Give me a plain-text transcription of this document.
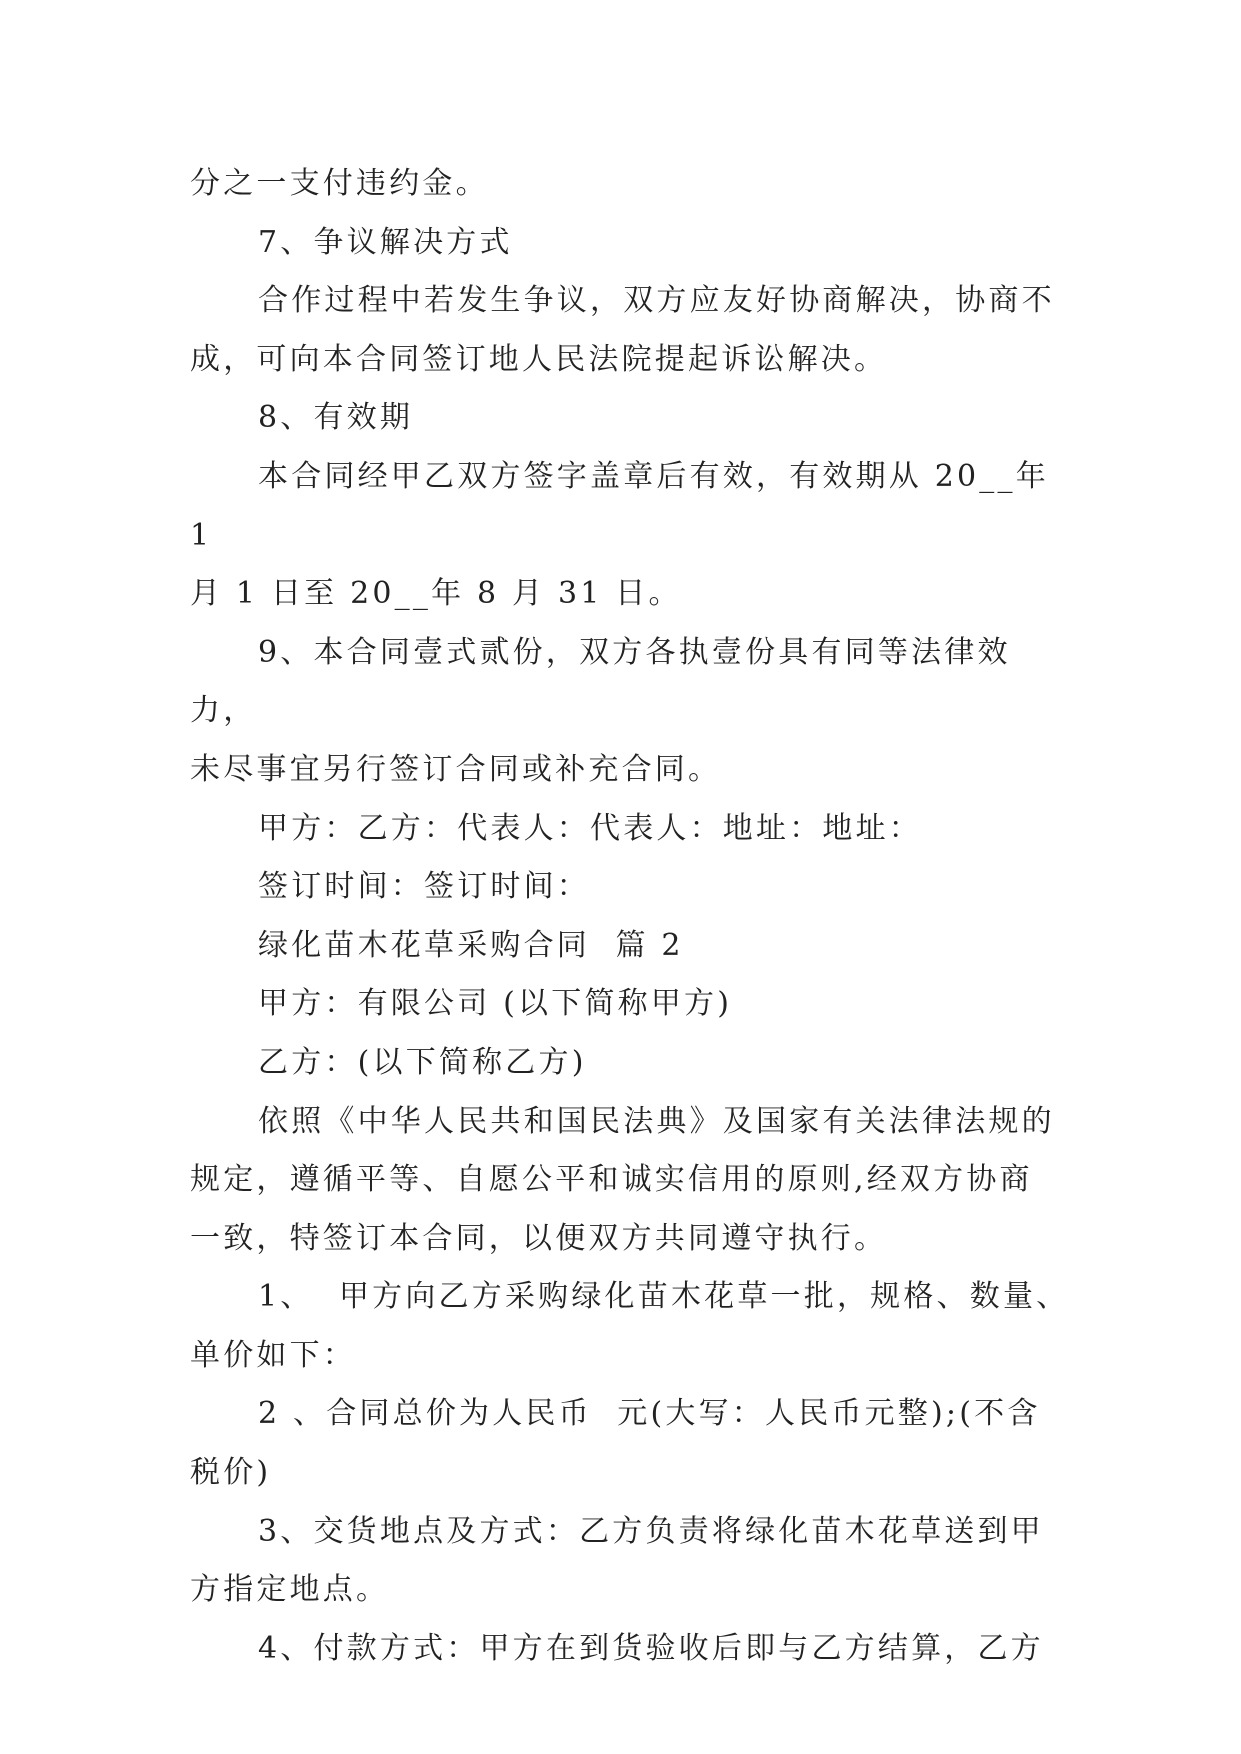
分之一支付违约金。

7、争议解决方式

合作过程中若发生争议，双方应友好协商解决，协商不

成，可向本合同签订地人民法院提起诉讼解决。

8、有效期

本合同经甲乙双方签字盖章后有效，有效期从 20__年 1

月 1 日至 20__年 8 月 31 日。

9、本合同壹式贰份，双方各执壹份具有同等法律效力，

未尽事宜另行签订合同或补充合同。

甲方：乙方：代表人：代表人：地址：地址：

签订时间：签订时间：

绿化苗木花草采购合同  篇 2

甲方：有限公司 (以下简称甲方)

乙方：(以下简称乙方)

依照《中华人民共和国民法典》及国家有关法律法规的

规定，遵循平等、自愿公平和诚实信用的原则,经双方协商

一致，特签订本合同，以便双方共同遵守执行。

1、  甲方向乙方采购绿化苗木花草一批，规格、数量、

单价如下：

2 、合同总价为人民币  元(大写：人民币元整);(不含

税价)

3、交货地点及方式：乙方负责将绿化苗木花草送到甲

方指定地点。

4、付款方式：甲方在到货验收后即与乙方结算，乙方
